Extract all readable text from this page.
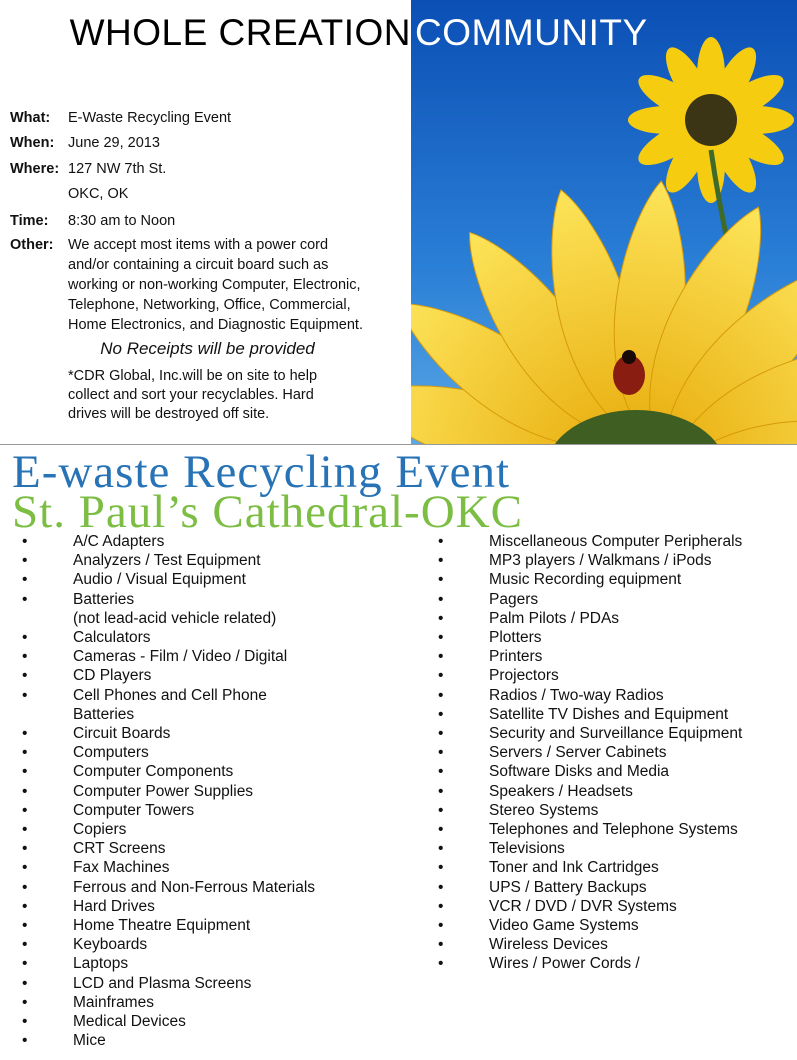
WHOLE CREATION COMMUNITY
What:	E-Waste Recycling Event
When: June 29, 2013
Where: 127 NW 7th St.
OKC, OK
Time:	8:30 am to Noon
Other:	We accept most items with a power cord
and/or containing a circuit board such as
working or non-working Computer, Electronic,
Telephone, Networking, Office, Commercial,
Home Electronics, and Diagnostic Equipment.
No Receipts will be provided
*CDR Global, Inc.will be on site to help
collect and sort your recyclables. Hard
drives will be destroyed off site.
E-waste Recycling Event
St. Paul’s Cathedral-OKC
•	A/C Adapters
•	Analyzers / Test Equipment
•	Audio / Visual Equipment
•	Batteries
(not lead-acid vehicle related)
•	Calculators
•	Cameras - Film / Video / Digital
•	CD Players
•	Cell Phones and Cell Phone
Batteries
•	Circuit Boards
•	Computers
•	Computer Components
•	Computer Power Supplies
•	Computer Towers
•	Copiers
•	CRT Screens
•	Fax Machines
•	Ferrous and Non-Ferrous Materials
•	Hard Drives
•	Home Theatre Equipment
•	Keyboards
•	Laptops
•	LCD and Plasma Screens
•	Mainframes
•	Medical Devices
•	Mice
•	Miscellaneous Computer Peripherals
•	MP3 players / Walkmans / iPods
•	Music Recording equipment
•	Pagers
•	Palm Pilots / PDAs
•	Plotters
•	Printers
•	Projectors
•	Radios / Two-way Radios
•	Satellite TV Dishes and Equipment
•	Security and Surveillance Equipment
•	Servers / Server Cabinets
•	Software Disks and Media
•	Speakers / Headsets
•	Stereo Systems
•	Telephones and Telephone Systems
•	Televisions
•	Toner and Ink Cartridges
•	UPS / Battery Backups
•	VCR / DVD / DVR Systems
•	Video Game Systems
•	Wireless Devices
•	Wires / Power Cords /
